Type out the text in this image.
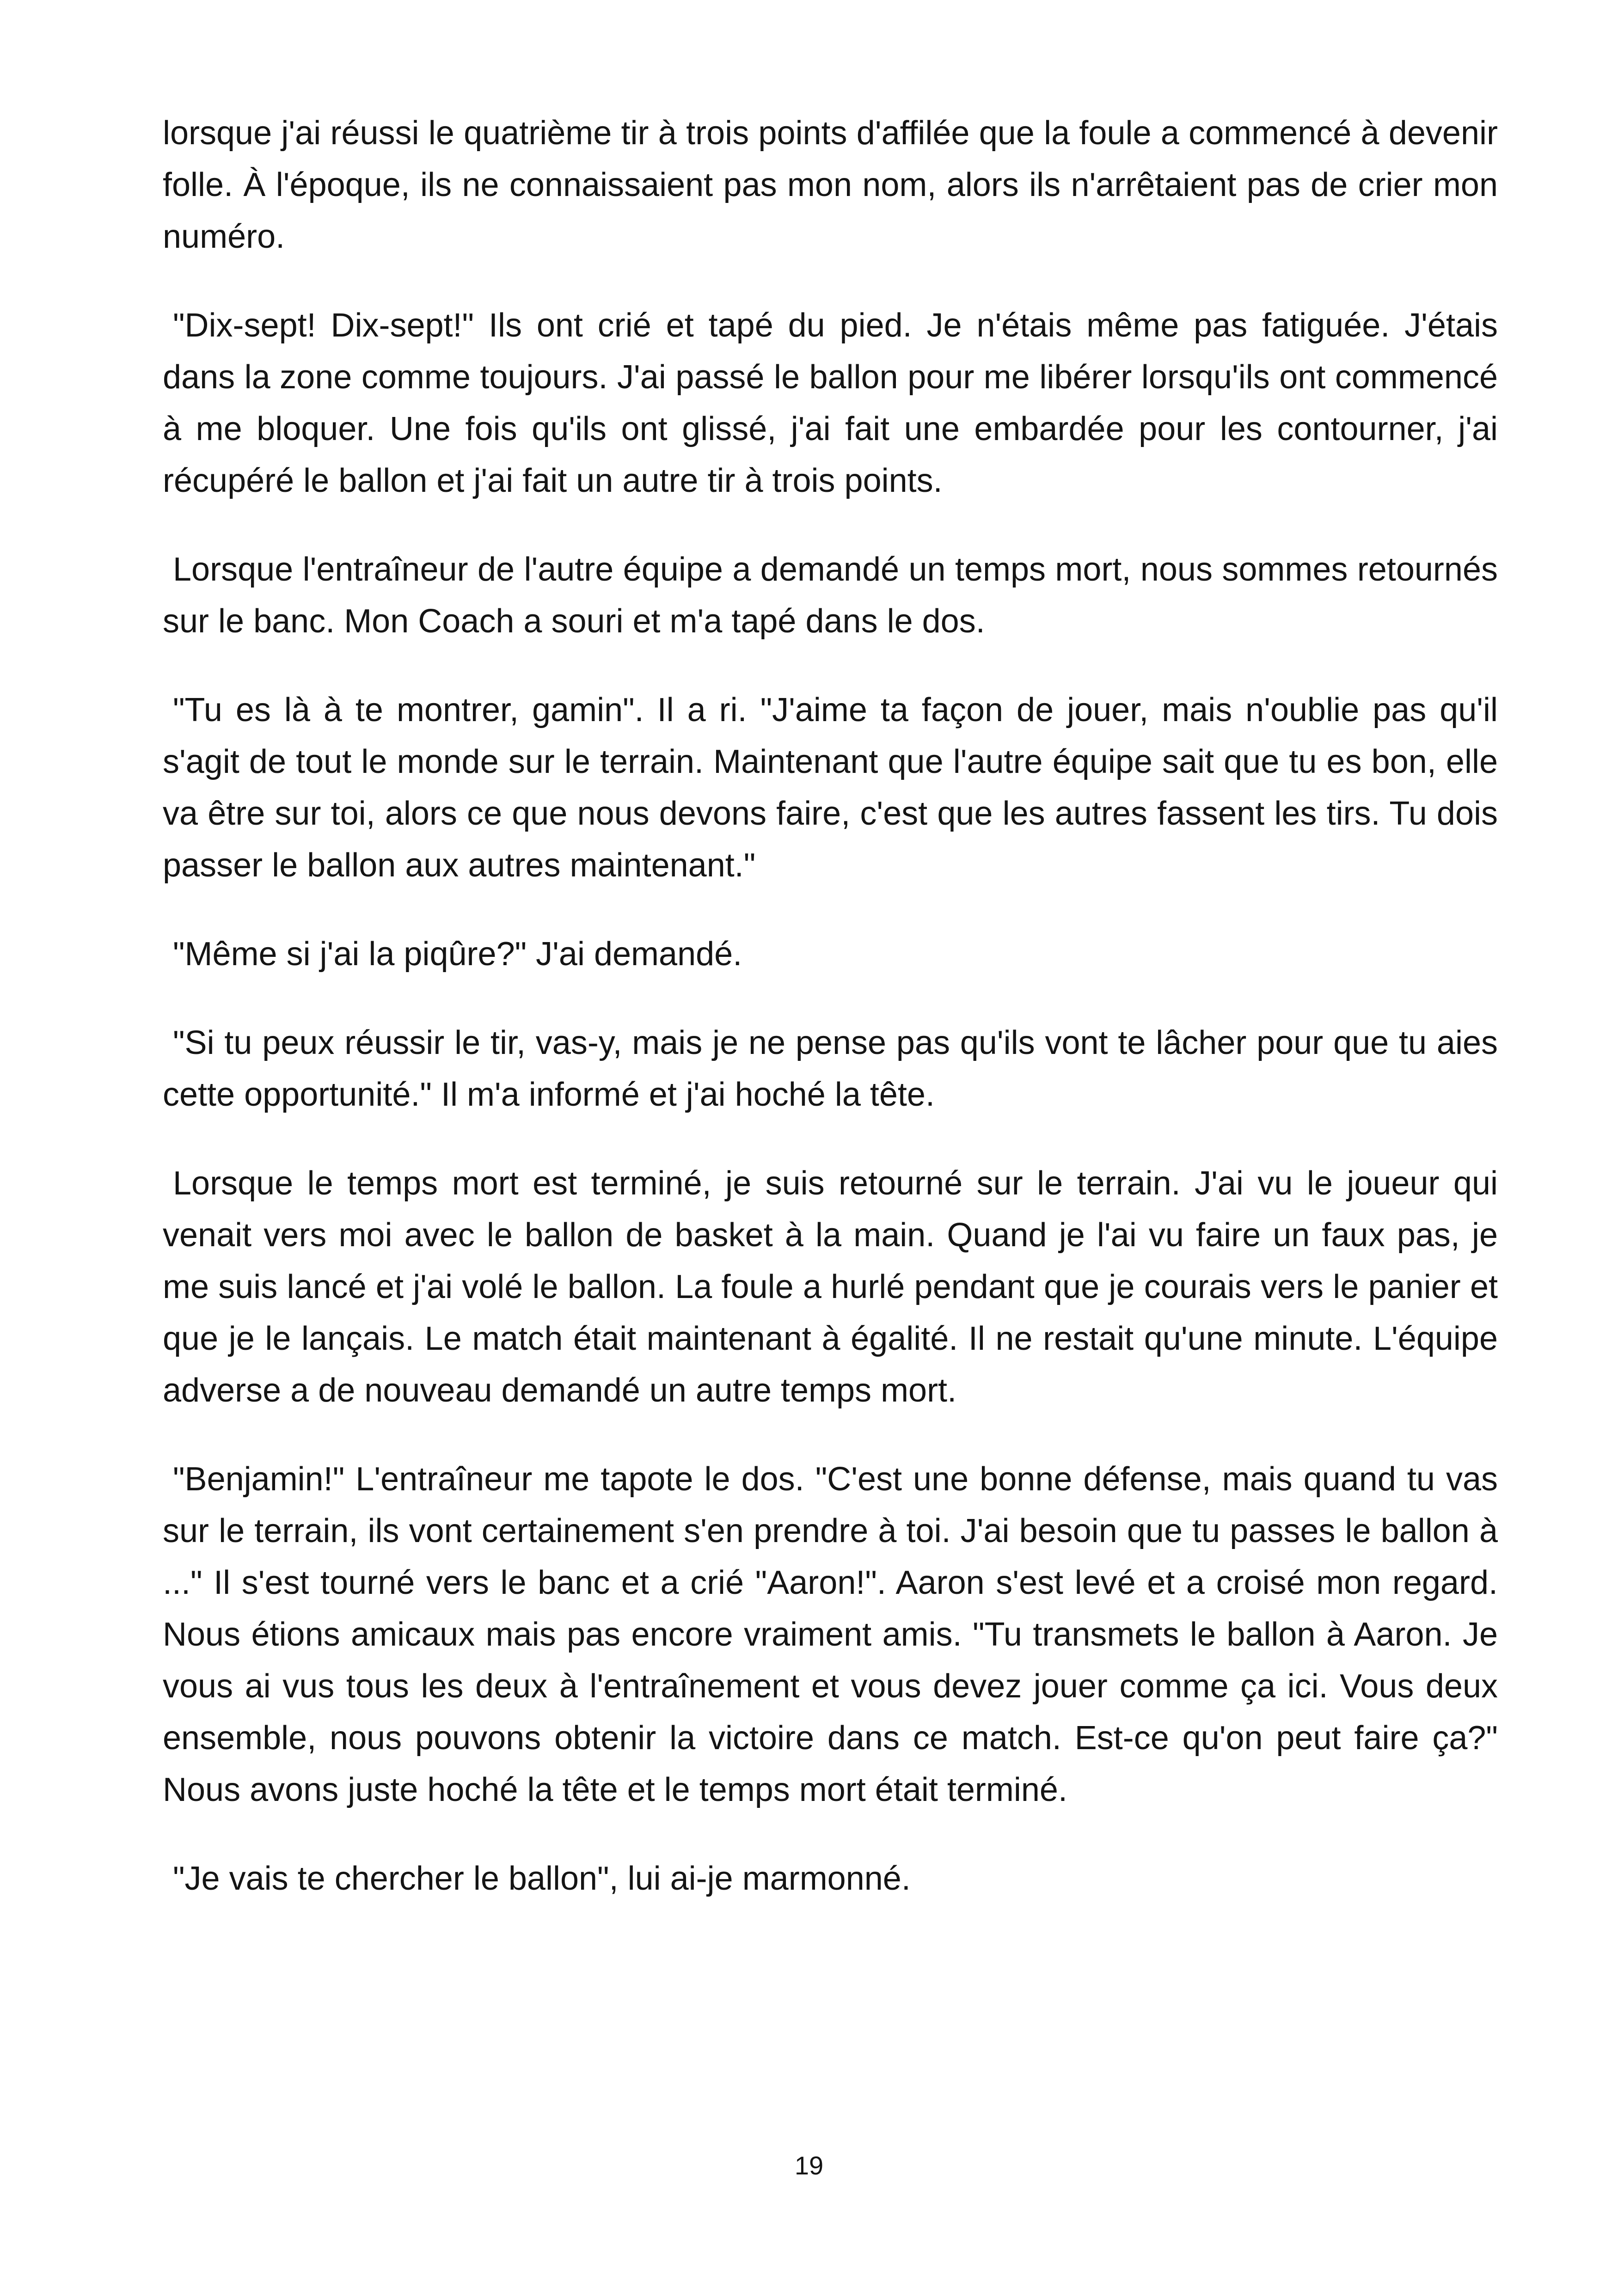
lorsque j'ai réussi le quatrième tir à trois points d'affilée que la foule a commencé à devenir folle. À l'époque, ils ne connaissaient pas mon nom, alors ils n'arrêtaient pas de crier mon numéro.

"Dix-sept! Dix-sept!" Ils ont crié et tapé du pied. Je n'étais même pas fatiguée. J'étais dans la zone comme toujours. J'ai passé le ballon pour me libérer lorsqu'ils ont commencé à me bloquer. Une fois qu'ils ont glissé, j'ai fait une embardée pour les contourner, j'ai récupéré le ballon et j'ai fait un autre tir à trois points.

Lorsque l'entraîneur de l'autre équipe a demandé un temps mort, nous sommes retournés sur le banc. Mon Coach a souri et m'a tapé dans le dos.

"Tu es là à te montrer, gamin". Il a ri. "J'aime ta façon de jouer, mais n'oublie pas qu'il s'agit de tout le monde sur le terrain. Maintenant que l'autre équipe sait que tu es bon, elle va être sur toi, alors ce que nous devons faire, c'est que les autres fassent les tirs. Tu dois passer le ballon aux autres maintenant."

"Même si j'ai la piqûre?" J'ai demandé.

"Si tu peux réussir le tir, vas-y, mais je ne pense pas qu'ils vont te lâcher pour que tu aies cette opportunité." Il m'a informé et j'ai hoché la tête.

Lorsque le temps mort est terminé, je suis retourné sur le terrain. J'ai vu le joueur qui venait vers moi avec le ballon de basket à la main. Quand je l'ai vu faire un faux pas, je me suis lancé et j'ai volé le ballon. La foule a hurlé pendant que je courais vers le panier et que je le lançais. Le match était maintenant à égalité. Il ne restait qu'une minute. L'équipe adverse a de nouveau demandé un autre temps mort.

"Benjamin!" L'entraîneur me tapote le dos. "C'est une bonne défense, mais quand tu vas sur le terrain, ils vont certainement s'en prendre à toi. J'ai besoin que tu passes le ballon à ..." Il s'est tourné vers le banc et a crié "Aaron!". Aaron s'est levé et a croisé mon regard. Nous étions amicaux mais pas encore vraiment amis. "Tu transmets le ballon à Aaron. Je vous ai vus tous les deux à l'entraînement et vous devez jouer comme ça ici. Vous deux ensemble, nous pouvons obtenir la victoire dans ce match. Est-ce qu'on peut faire ça?" Nous avons juste hoché la tête et le temps mort était terminé.

"Je vais te chercher le ballon", lui ai-je marmonné.

19
